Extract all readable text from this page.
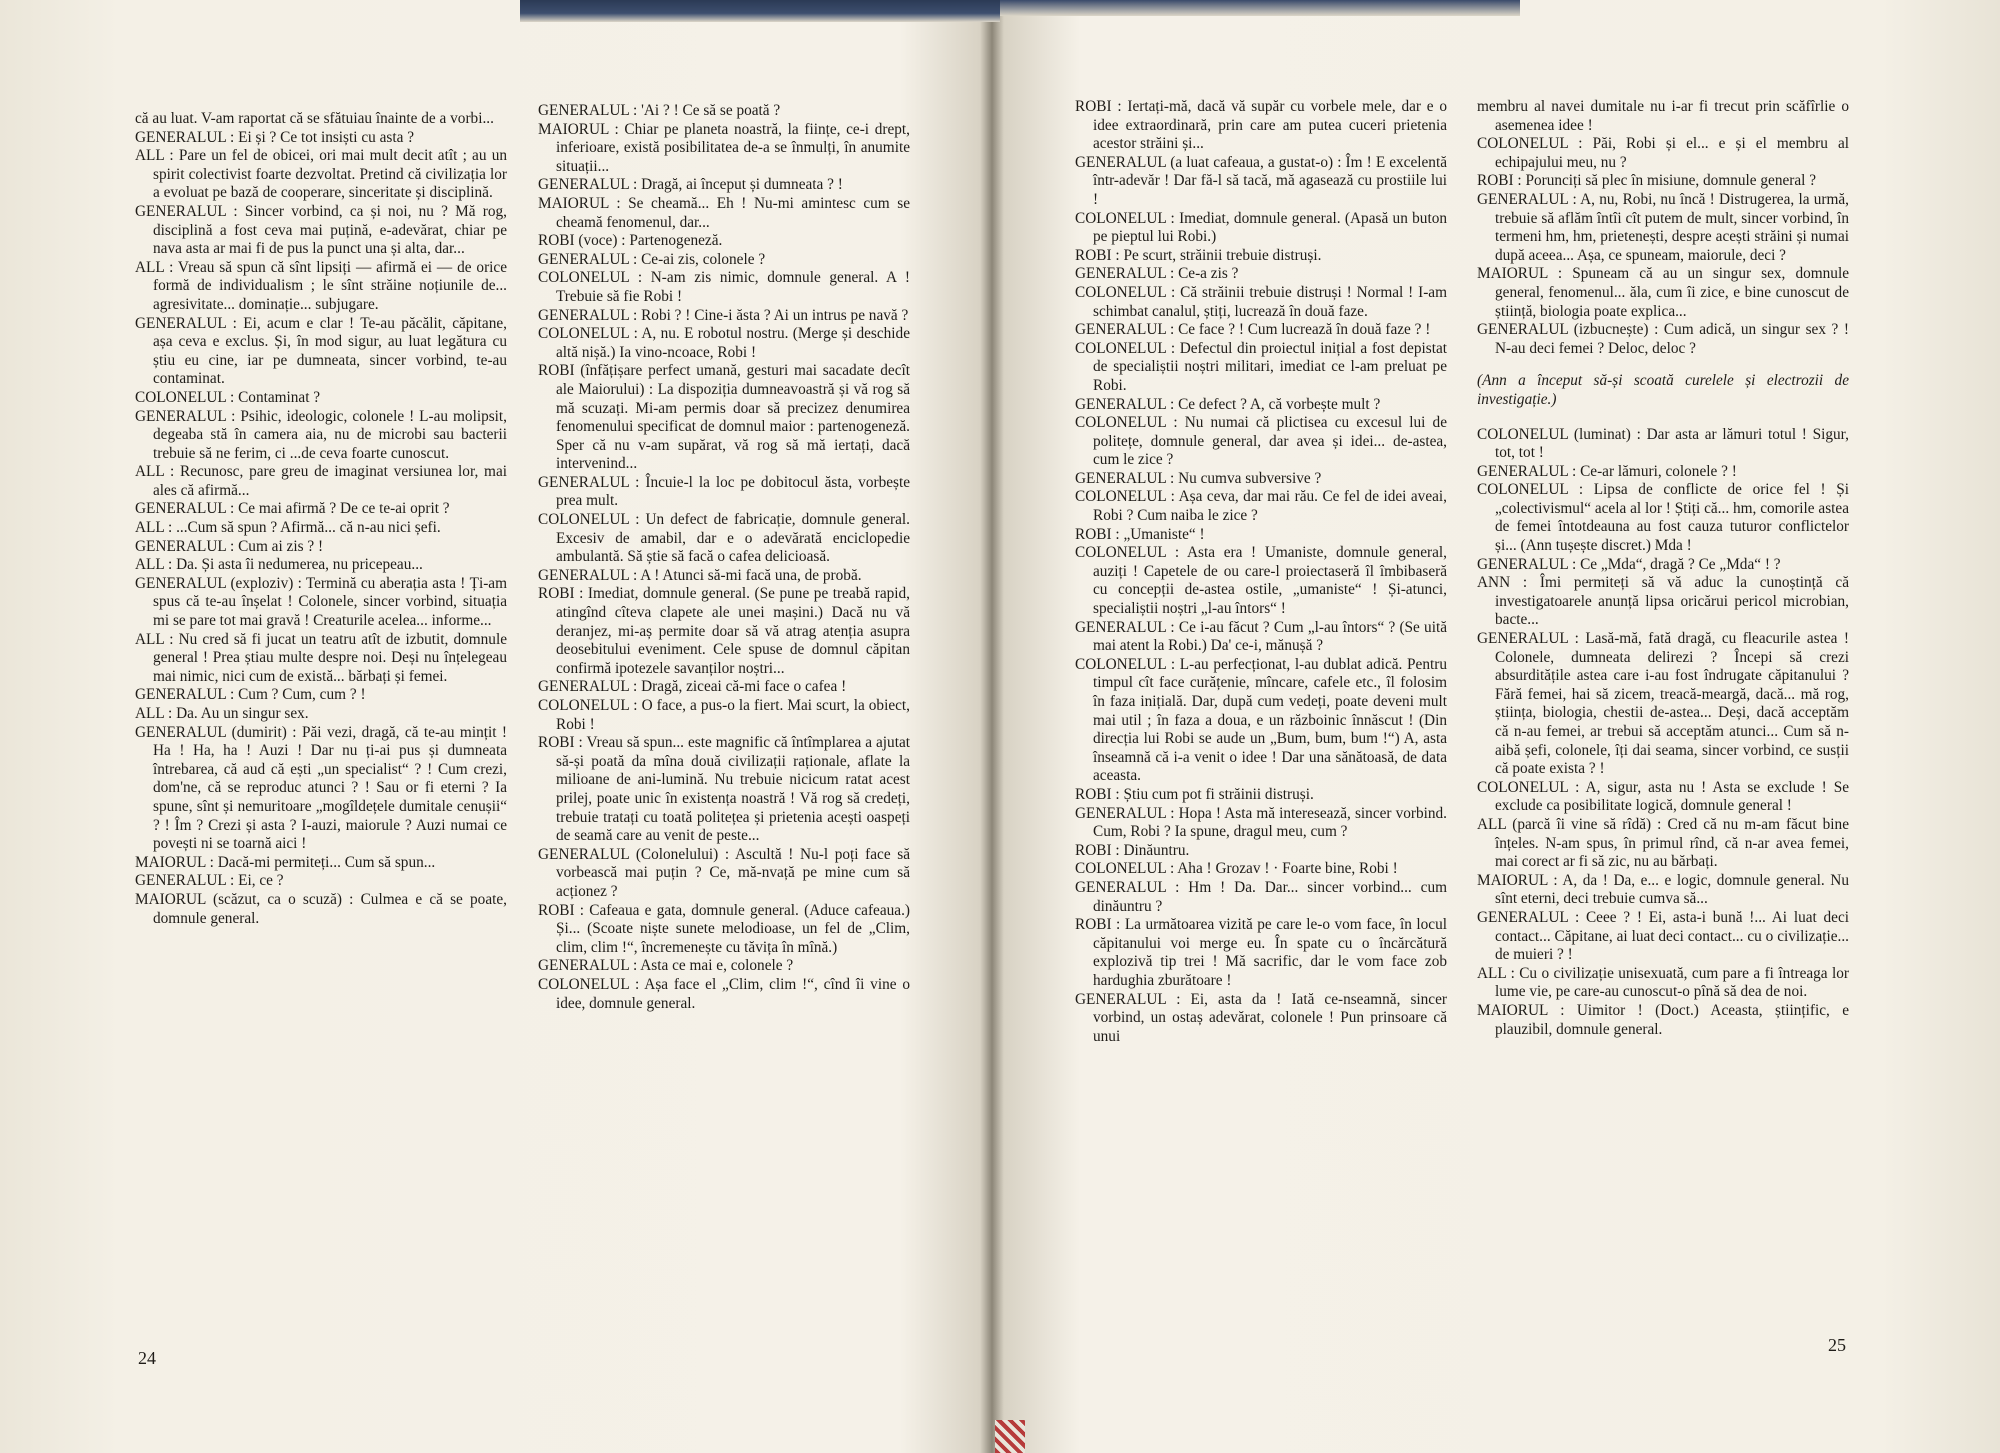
că au luat. V-am raportat că se sfătuiau înainte de a vorbi...

GENERALUL : Ei și ? Ce tot insiști cu asta ?

ALL : Pare un fel de obicei, ori mai mult decit atît ; au un spirit colectivist foarte dezvoltat. Pretind că civilizația lor a evoluat pe bază de cooperare, sinceritate și disciplină.

GENERALUL : Sincer vorbind, ca și noi, nu ? Mă rog, disciplină a fost ceva mai puțină, e-adevărat, chiar pe nava asta ar mai fi de pus la punct una și alta, dar...

ALL : Vreau să spun că sînt lipsiți — afirmă ei — de orice formă de individualism ; le sînt străine noțiunile de... agresivitate... dominație... subjugare.

GENERALUL : Ei, acum e clar ! Te-au păcălit, căpitane, așa ceva e exclus. Și, în mod sigur, au luat legătura cu știu eu cine, iar pe dumneata, sincer vorbind, te-au contaminat.

COLONELUL : Contaminat ?

GENERALUL : Psihic, ideologic, colonele ! L-au molipsit, degeaba stă în camera aia, nu de microbi sau bacterii trebuie să ne ferim, ci ...de ceva foarte cunoscut.

ALL : Recunosc, pare greu de imaginat versiunea lor, mai ales că afirmă...

GENERALUL : Ce mai afirmă ? De ce te-ai oprit ?

ALL : ...Cum să spun ? Afirmă... că n-au nici șefi.

GENERALUL : Cum ai zis ? !

ALL : Da. Și asta îi nedumerea, nu pricepeau...

GENERALUL (exploziv) : Termină cu aberația asta ! Ți-am spus că te-au înșelat ! Colonele, sincer vorbind, situația mi se pare tot mai gravă ! Creaturile acelea... informe...

ALL : Nu cred să fi jucat un teatru atît de izbutit, domnule general ! Prea știau multe despre noi. Deși nu înțelegeau mai nimic, nici cum de există... bărbați și femei.

GENERALUL : Cum ? Cum, cum ? !

ALL : Da. Au un singur sex.

GENERALUL (dumirit) : Păi vezi, dragă, că te-au mințit ! Ha ! Ha, ha ! Auzi ! Dar nu ți-ai pus și dumneata întrebarea, că aud că ești „un specialist“ ? ! Cum crezi, dom'ne, că se reproduc atunci ? ! Sau or fi eterni ? Ia spune, sînt și nemuritoare „mogîldețele dumitale cenușii“ ? ! Îm ? Crezi și asta ? I-auzi, maiorule ? Auzi numai ce povești ni se toarnă aici !

MAIORUL : Dacă-mi permiteți... Cum să spun...

GENERALUL : Ei, ce ?

MAIORUL (scăzut, ca o scuză) : Culmea e că se poate, domnule general.

GENERALUL : 'Ai ? ! Ce să se poată ?

MAIORUL : Chiar pe planeta noastră, la ființe, ce-i drept, inferioare, există posibilitatea de-a se înmulți, în anumite situații...

GENERALUL : Dragă, ai început și dumneata ? !

MAIORUL : Se cheamă... Eh ! Nu-mi amintesc cum se cheamă fenomenul, dar...

ROBI (voce) : Partenogeneză.

GENERALUL : Ce-ai zis, colonele ?

COLONELUL : N-am zis nimic, domnule general. A ! Trebuie să fie Robi !

GENERALUL : Robi ? ! Cine-i ăsta ? Ai un intrus pe navă ?

COLONELUL : A, nu. E robotul nostru. (Merge și deschide altă nișă.) Ia vino-ncoace, Robi !

ROBI (înfățișare perfect umană, gesturi mai sacadate decît ale Maiorului) : La dispoziția dumneavoastră și vă rog să mă scuzați. Mi-am permis doar să precizez denumirea fenomenului specificat de domnul maior : partenogeneză. Sper că nu v-am supărat, vă rog să mă iertați, dacă intervenind...

GENERALUL : Încuie-l la loc pe dobitocul ăsta, vorbește prea mult.

COLONELUL : Un defect de fabricație, domnule general. Excesiv de amabil, dar e o adevărată enciclopedie ambulantă. Să știe să facă o cafea delicioasă.

GENERALUL : A ! Atunci să-mi facă una, de probă.

ROBI : Imediat, domnule general. (Se pune pe treabă rapid, atingînd cîteva clapete ale unei mașini.) Dacă nu vă deranjez, mi-aș permite doar să vă atrag atenția asupra deosebitului eveniment. Cele spuse de domnul căpitan confirmă ipotezele savanților noștri...

GENERALUL : Dragă, ziceai că-mi face o cafea !

COLONELUL : O face, a pus-o la fiert. Mai scurt, la obiect, Robi !

ROBI : Vreau să spun... este magnific că întîmplarea a ajutat să-și poată da mîna două civilizații raționale, aflate la milioane de ani-lumină. Nu trebuie nicicum ratat acest prilej, poate unic în existența noastră ! Vă rog să credeți, trebuie tratați cu toată politețea și prietenia acești oaspeți de seamă care au venit de peste...

GENERALUL (Colonelului) : Ascultă ! Nu-l poți face să vorbească mai puțin ? Ce, mă-nvață pe mine cum să acționez ?

ROBI : Cafeaua e gata, domnule general. (Aduce cafeaua.) Și... (Scoate niște sunete melodioase, un fel de „Clim, clim, clim !“, încremenește cu tăvița în mînă.)

GENERALUL : Asta ce mai e, colonele ?

COLONELUL : Așa face el „Clim, clim !“, cînd îi vine o idee, domnule general.

24

ROBI : Iertați-mă, dacă vă supăr cu vorbele mele, dar e o idee extraordinară, prin care am putea cuceri prietenia acestor străini și...

GENERALUL (a luat cafeaua, a gustat-o) : Îm ! E excelentă într-adevăr ! Dar fă-l să tacă, mă agasează cu prostiile lui !

COLONELUL : Imediat, domnule general. (Apasă un buton pe pieptul lui Robi.)

ROBI : Pe scurt, străinii trebuie distruși.

GENERALUL : Ce-a zis ?

COLONELUL : Că străinii trebuie distruși ! Normal ! I-am schimbat canalul, știți, lucrează în două faze.

GENERALUL : Ce face ? ! Cum lucrează în două faze ? !

COLONELUL : Defectul din proiectul inițial a fost depistat de specialiștii noștri militari, imediat ce l-am preluat pe Robi.

GENERALUL : Ce defect ? A, că vorbește mult ?

COLONELUL : Nu numai că plictisea cu excesul lui de politețe, domnule general, dar avea și idei... de-astea, cum le zice ?

GENERALUL : Nu cumva subversive ?

COLONELUL : Așa ceva, dar mai rău. Ce fel de idei aveai, Robi ? Cum naiba le zice ?

ROBI : „Umaniste“ !

COLONELUL : Asta era ! Umaniste, domnule general, auziți ! Capetele de ou care-l proiectaseră îl îmbibaseră cu concepții de-astea ostile, „umaniste“ ! Și-atunci, specialiștii noștri „l-au întors“ !

GENERALUL : Ce i-au făcut ? Cum „l-au întors“ ? (Se uită mai atent la Robi.) Da' ce-i, mănușă ?

COLONELUL : L-au perfecționat, l-au dublat adică. Pentru timpul cît face curățenie, mîncare, cafele etc., îl folosim în faza inițială. Dar, după cum vedeți, poate deveni mult mai util ; în faza a doua, e un războinic înnăscut ! (Din direcția lui Robi se aude un „Bum, bum, bum !“) A, asta înseamnă că i-a venit o idee ! Dar una sănătoasă, de data aceasta.

ROBI : Știu cum pot fi străinii distruși.

GENERALUL : Hopa ! Asta mă interesează, sincer vorbind. Cum, Robi ? Ia spune, dragul meu, cum ?

ROBI : Dinăuntru.

COLONELUL : Aha ! Grozav ! · Foarte bine, Robi !

GENERALUL : Hm ! Da. Dar... sincer vorbind... cum dinăuntru ?

ROBI : La următoarea vizită pe care le-o vom face, în locul căpitanului voi merge eu. În spate cu o încărcătură explozivă tip trei ! Mă sacrific, dar le vom face zob hardughia zburătoare !

GENERALUL : Ei, asta da ! Iată ce-nseamnă, sincer vorbind, un ostaș adevărat, colonele ! Pun prinsoare că unui

membru al navei dumitale nu i-ar fi trecut prin scăfîrlie o asemenea idee !

COLONELUL : Păi, Robi și el... e și el membru al echipajului meu, nu ?

ROBI : Porunciți să plec în misiune, domnule general ?

GENERALUL : A, nu, Robi, nu încă ! Distrugerea, la urmă, trebuie să aflăm întîi cît putem de mult, sincer vorbind, în termeni hm, hm, prietenești, despre acești străini și numai după aceea... Așa, ce spuneam, maiorule, deci ?

MAIORUL : Spuneam că au un singur sex, domnule general, fenomenul... ăla, cum îi zice, e bine cunoscut de știință, biologia poate explica...

GENERALUL (izbucnește) : Cum adică, un singur sex ? ! N-au deci femei ? Deloc, deloc ?

(Ann a început să-și scoată curelele și electrozii de investigație.)

COLONELUL (luminat) : Dar asta ar lămuri totul ! Sigur, tot, tot !

GENERALUL : Ce-ar lămuri, colonele ? !

COLONELUL : Lipsa de conflicte de orice fel ! Și „colectivismul“ acela al lor ! Știți că... hm, comorile astea de femei întotdeauna au fost cauza tuturor conflictelor și... (Ann tușește discret.) Mda !

GENERALUL : Ce „Mda“, dragă ? Ce „Mda“ ! ?

ANN : Îmi permiteți să vă aduc la cunoștință că investigatoarele anunță lipsa oricărui pericol microbian, bacte...

GENERALUL : Lasă-mă, fată dragă, cu fleacurile astea ! Colonele, dumneata delirezi ? Începi să crezi absurditățile astea care i-au fost îndrugate căpitanului ? Fără femei, hai să zicem, treacă-meargă, dacă... mă rog, știința, biologia, chestii de-astea... Deși, dacă acceptăm că n-au femei, ar trebui să acceptăm atunci... Cum să n-aibă șefi, colonele, îți dai seama, sincer vorbind, ce susții că poate exista ? !

COLONELUL : A, sigur, asta nu ! Asta se exclude ! Se exclude ca posibilitate logică, domnule general !

ALL (parcă îi vine să rîdă) : Cred că nu m-am făcut bine înțeles. N-am spus, în primul rînd, că n-ar avea femei, mai corect ar fi să zic, nu au bărbați.

MAIORUL : A, da ! Da, e... e logic, domnule general. Nu sînt eterni, deci trebuie cumva să...

GENERALUL : Ceee ? ! Ei, asta-i bună !... Ai luat deci contact... Căpitane, ai luat deci contact... cu o civilizație... de muieri ? !

ALL : Cu o civilizație unisexuată, cum pare a fi întreaga lor lume vie, pe care-au cunoscut-o pînă să dea de noi.

MAIORUL : Uimitor ! (Doct.) Aceasta, științific, e plauzibil, domnule general.

25
